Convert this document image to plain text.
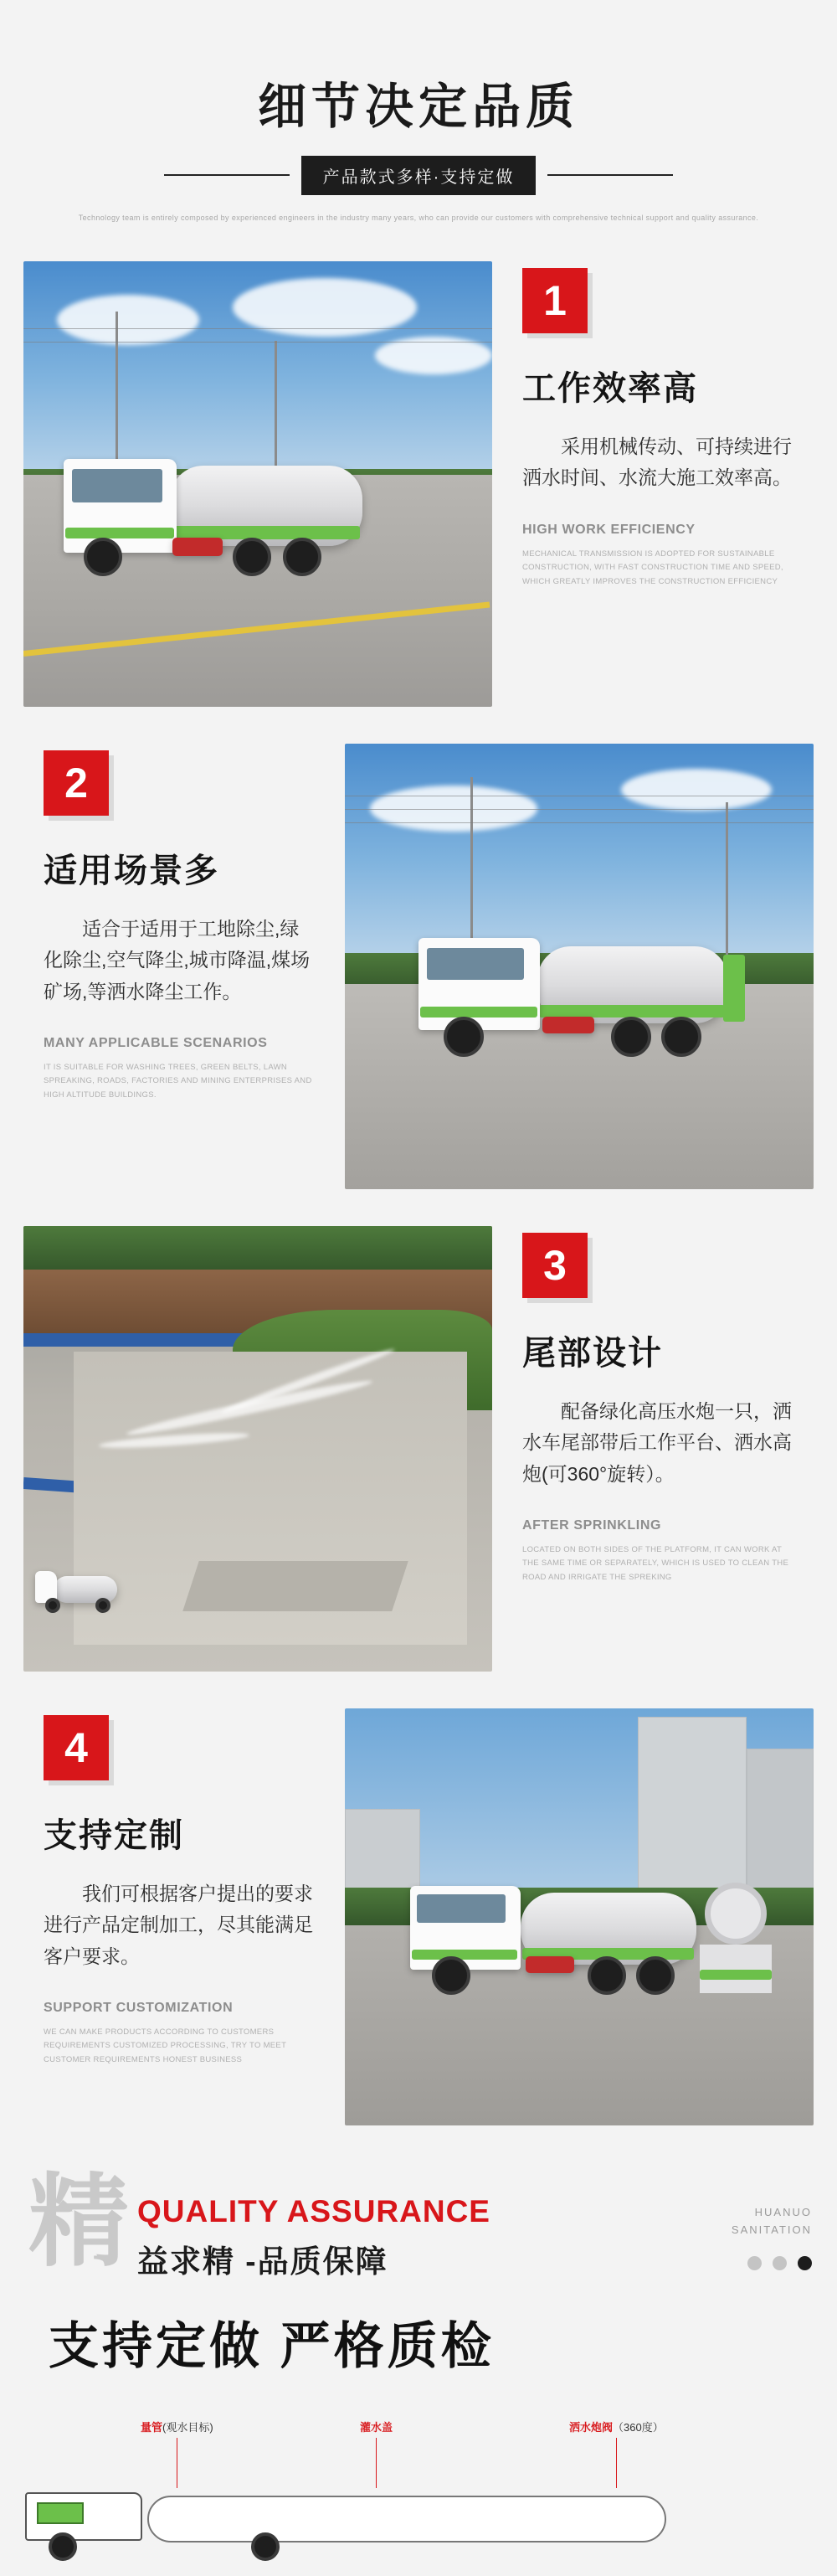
细节决定品质
产品款式多样·支持定做
Technology team is entirely composed by experienced engineers in the industry many years, who can provide our customers with comprehensive technical support and quality assurance.
1
工作效率高
采用机械传动、可持续进行洒水时间、水流大施工效率高。
HIGH WORK EFFICIENCY
MECHANICAL TRANSMISSION IS ADOPTED FOR SUSTAINABLE CONSTRUCTION, WITH FAST CONSTRUCTION TIME AND SPEED, WHICH GREATLY IMPROVES THE CONSTRUCTION EFFICIENCY
2
适用场景多
适合于适用于工地除尘,绿化除尘,空气降尘,城市降温,煤场矿场,等洒水降尘工作。
MANY APPLICABLE SCENARIOS
IT IS SUITABLE FOR WASHING TREES, GREEN BELTS, LAWN SPREAKING, ROADS, FACTORIES AND MINING ENTERPRISES AND HIGH ALTITUDE BUILDINGS.
3
尾部设计
配备绿化高压水炮一只，洒水车尾部带后工作平台、洒水高炮(可360°旋转）。
AFTER SPRINKLING
LOCATED ON BOTH SIDES OF THE PLATFORM, IT CAN WORK AT THE SAME TIME OR SEPARATELY, WHICH IS USED TO CLEAN THE ROAD AND IRRIGATE THE SPREKING
4
支持定制
我们可根据客户提出的要求进行产品定制加工，尽其能满足客户要求。
SUPPORT CUSTOMIZATION
WE CAN MAKE PRODUCTS ACCORDING TO CUSTOMERS REQUIREMENTS CUSTOMIZED PROCESSING, TRY TO MEET CUSTOMER REQUIREMENTS HONEST BUSINESS
精 QUALITY ASSURANCE
益求精 -品质保障
HUANUO
SANITATION
支持定做 严格质检
量管(观水目标)	灌水盖	洒水炮阀（360度）
